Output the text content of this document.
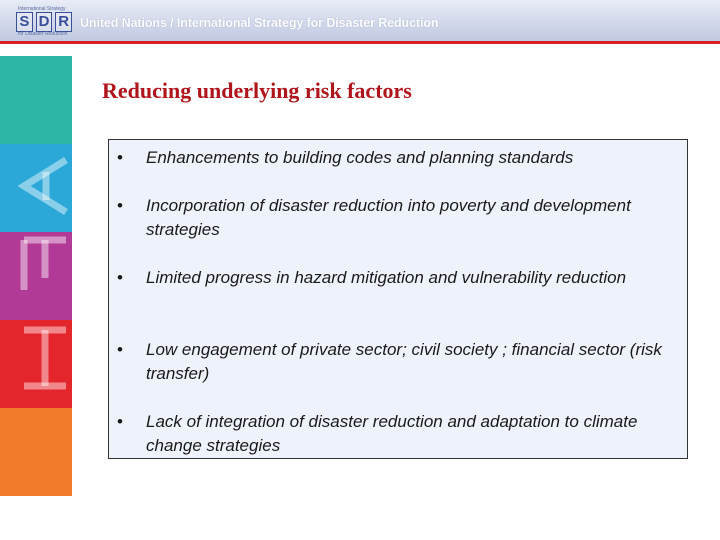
International Strategy
S D R
for Disaster Reduction
United Nations / International Strategy for Disaster Reduction
Reducing underlying risk factors
•	Enhancements to building codes and planning standards
•	Incorporation of disaster reduction into poverty and development strategies
•	Limited progress in hazard mitigation and vulnerability reduction
•	Low engagement of private sector; civil society ; financial sector (risk transfer)
•	Lack of integration of disaster reduction and adaptation to climate change strategies
